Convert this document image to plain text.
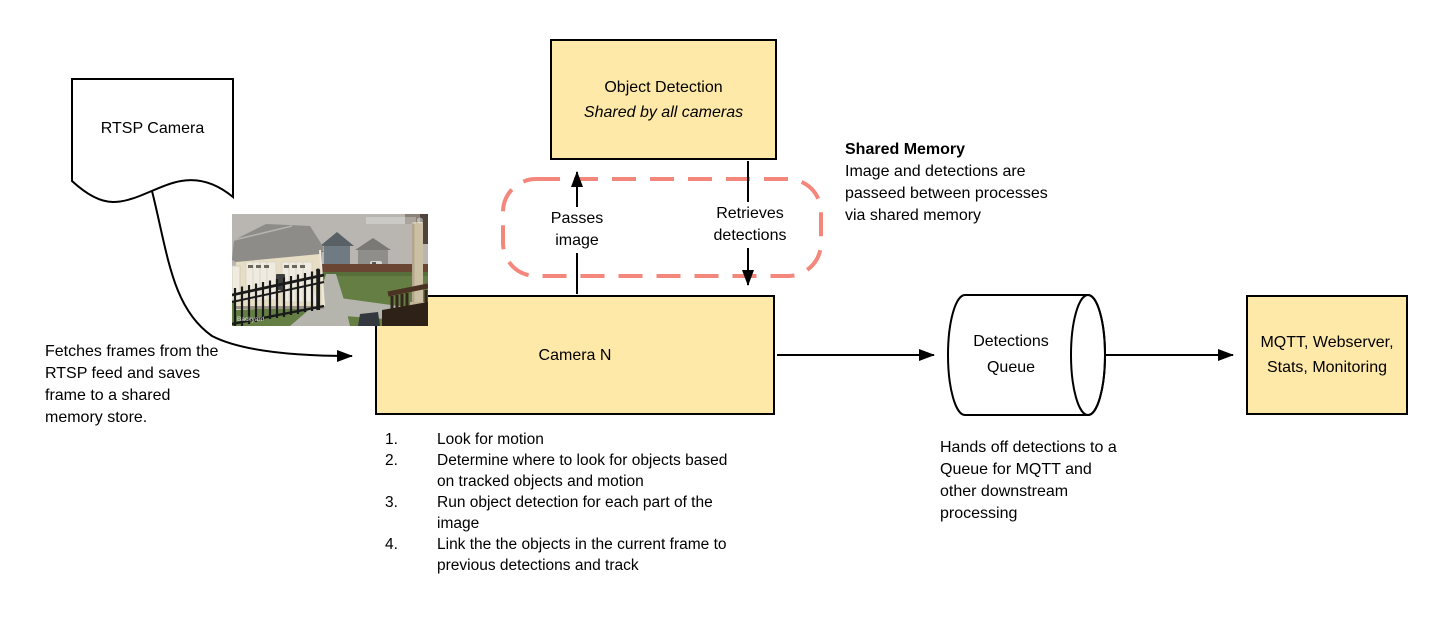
Object Detection
Shared by all cameras
Camera N
MQTT, Webserver, Stats, Monitoring
RTSP Camera
Passes image
Retrieves detections
Shared Memory
Image and detections are passeed between processes via shared memory
Fetches frames from the RTSP feed and saves frame to a shared memory store.
Detections Queue
Hands off detections to a Queue for MQTT and other downstream processing
1.	Look for motion
2.	Determine where to look for objects based on tracked objects and motion
3.	Run object detection for each part of the image
4.	Link the the objects in the current frame to previous detections and track
Backyard
